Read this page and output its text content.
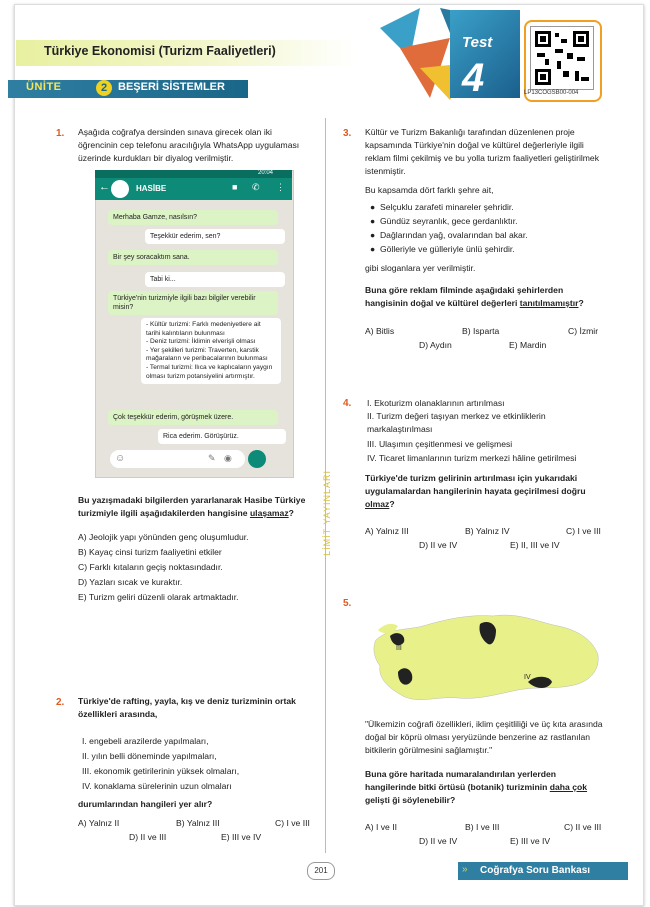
Türkiye Ekonomisi (Turizm Faaliyetleri)
ÜNİTE	2 BEŞERİ SİSTEMLER
Test
4	LP13COGSB00-004
LİMİT YAYINLARI
1. Aşağıda coğrafya dersinden sınava girecek olan iki öğrencinin cep telefonu aracılığıyla WhatsApp uygulaması üzerinde kurdukları bir diyalog verilmiştir.
20:04
←	HASİBE	■ ✆ ⋮
Merhaba Gamze, nasılsın?
Teşekkür ederim, sen?
Bir şey soracaktım sana.
Tabi ki...
Türkiye'nin turizmiyle ilgili bazı bilgiler verebilir misin?
- Kültür turizmi: Farklı medeniyetlere ait tarihi kalıntıların bulunması
- Deniz turizmi: İklimin elverişli olması
- Yer şekilleri turizmi: Traverten, karstik mağaraların ve peribacalarının bulunması
- Termal turizmi: Ilıca ve kaplıcaların yaygın olması turizm potansiyelini artırmıştır.
Çok teşekkür ederim, görüşmek üzere.
Rica ederim. Görüşürüz.
☺	✎ ◉
Bu yazışmadaki bilgilerden yararlanarak Hasibe Türkiye turizmiyle ilgili aşağıdakilerden hangisine ulaşamaz?
A) Jeolojik yapı yönünden genç oluşumludur.
B) Kayaç cinsi turizm faaliyetini etkiler
C) Farklı kıtaların geçiş noktasındadır.
D) Yazları sıcak ve kuraktır.
E) Turizm geliri düzenli olarak artmaktadır.
2. Türkiye'de rafting, yayla, kış ve deniz turizminin ortak özellikleri arasında,
I. engebeli arazilerde yapılmaları,
II. yılın belli döneminde yapılmaları,
III. ekonomik getirilerinin yüksek olmaları,
IV. konaklama sürelerinin uzun olmaları
durumlarından hangileri yer alır?
A) Yalnız II	B) Yalnız III	C) I ve III
D) II ve III	E) III ve IV
3. Kültür ve Turizm Bakanlığı tarafından düzenlenen proje kapsamında Türkiye'nin doğal ve kültürel değerleriyle ilgili reklam filmi çekilmiş ve bu yolla turizm faaliyetleri geliştirilmek istenmiştir.
Bu kapsamda dört farklı şehre ait,
●  Selçuklu zarafeti minareler şehridir.
●  Gündüz seyranlık, gece gerdanlıktır.
●  Dağlarından yağ, ovalarından bal akar.
●  Gölleriyle ve gülleriyle ünlü şehirdir.
gibi sloganlara yer verilmiştir.
Buna göre reklam filminde aşağıdaki şehirlerden hangisinin doğal ve kültürel değerleri tanıtılmamıştır?
A) Bitlis	B) Isparta	C) İzmir
D) Aydın	E) Mardin
4. I. Ekoturizm olanaklarının artırılması
II. Turizm değeri taşıyan merkez ve etkinliklerin markalaştırılması
III. Ulaşımın çeşitlenmesi ve gelişmesi
IV. Ticaret limanlarının turizm merkezi hâline getirilmesi
Türkiye'de turizm gelirinin artırılması için yukarıdaki uygulamalardan hangilerinin hayata geçirilmesi doğru olmaz?
A) Yalnız III	B) Yalnız IV	C) I ve III
D) II ve IV	E) II, III ve IV
5.
I
II
III
IV
"Ülkemizin coğrafi özellikleri, iklim çeşitliliği ve üç kıta arasında doğal bir köprü olması yeryüzünde benzerine az rastlanılan bitkilerin görülmesini sağlamıştır."
Buna göre haritada numaralandırılan yerlerden hangilerinde bitki örtüsü (botanik) turizminin daha çok gelişti ği söylenebilir?
A) I ve II	B) I ve III	C) II ve III
D) II ve IV	E) III ve IV
201	» Coğrafya Soru Bankası
